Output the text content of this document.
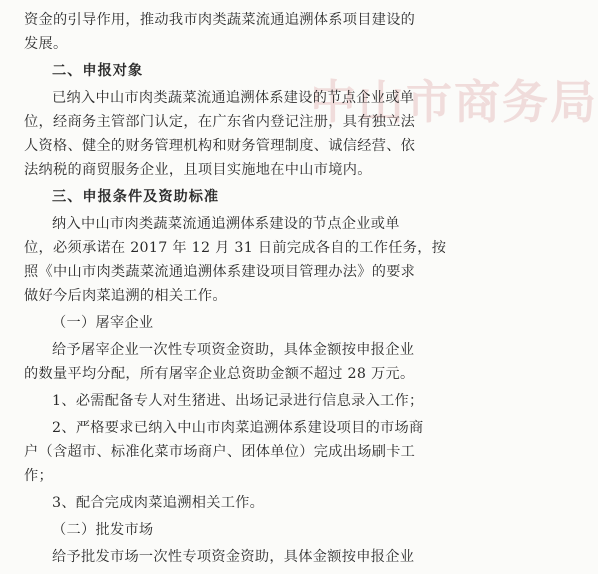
中山市商务局
资金的引导作用，推动我市肉类蔬菜流通追溯体系项目建设的
发展。
二、申报对象
已纳入中山市肉类蔬菜流通追溯体系建设的节点企业或单
位，经商务主管部门认定，在广东省内登记注册，具有独立法
人资格、健全的财务管理机构和财务管理制度、诚信经营、依
法纳税的商贸服务企业，且项目实施地在中山市境内。
三、申报条件及资助标准
纳入中山市肉类蔬菜流通追溯体系建设的节点企业或单
位，必须承诺在 2017 年 12 月 31 日前完成各自的工作任务，按
照《中山市肉类蔬菜流通追溯体系建设项目管理办法》的要求
做好今后肉菜追溯的相关工作。
（一）屠宰企业
给予屠宰企业一次性专项资金资助，具体金额按申报企业
的数量平均分配，所有屠宰企业总资助金额不超过 28 万元。
1、必需配备专人对生猪进、出场记录进行信息录入工作；
2、严格要求已纳入中山市肉菜追溯体系建设项目的市场商
户（含超市、标准化菜市场商户、团体单位）完成出场刷卡工
作；
3、配合完成肉菜追溯相关工作。
（二）批发市场
给予批发市场一次性专项资金资助，具体金额按申报企业
